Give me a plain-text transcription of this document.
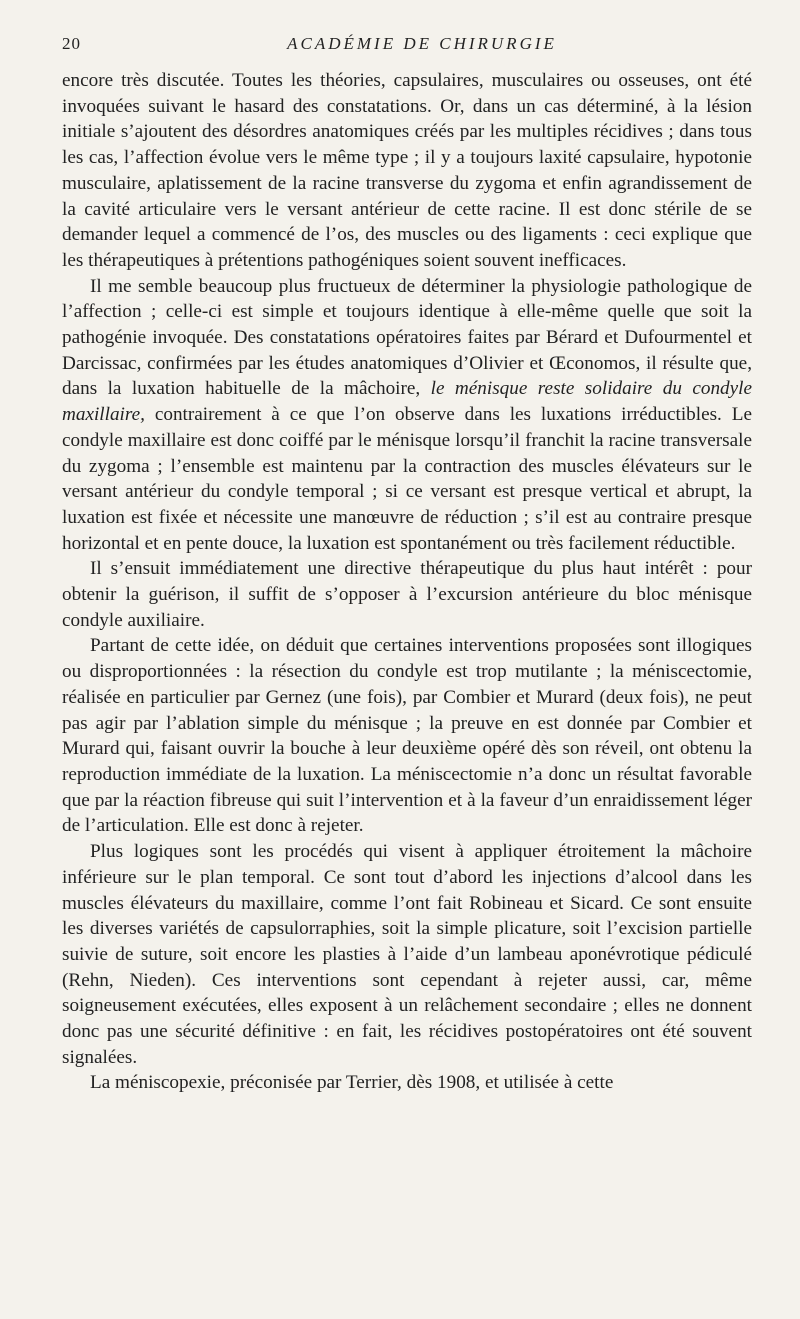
20	ACADÉMIE DE CHIRURGIE

encore très discutée. Toutes les théories, capsulaires, musculaires ou osseuses, ont été invoquées suivant le hasard des constatations. Or, dans un cas déterminé, à la lésion initiale s’ajoutent des désordres anatomiques créés par les multiples récidives ; dans tous les cas, l’affection évolue vers le même type ; il y a toujours laxité capsulaire, hypotonie musculaire, aplatissement de la racine transverse du zygoma et enfin agrandissement de la cavité articulaire vers le versant antérieur de cette racine. Il est donc stérile de se demander lequel a commencé de l’os, des muscles ou des ligaments : ceci explique que les thérapeutiques à prétentions pathogéniques soient souvent inefficaces.

Il me semble beaucoup plus fructueux de déterminer la physiologie pathologique de l’affection ; celle-ci est simple et toujours identique à elle-même quelle que soit la pathogénie invoquée. Des constatations opératoires faites par Bérard et Dufourmentel et Darcissac, confirmées par les études anatomiques d’Olivier et Œconomos, il résulte que, dans la luxation habituelle de la mâchoire, le ménisque reste solidaire du condyle maxillaire, contrairement à ce que l’on observe dans les luxations irréductibles. Le condyle maxillaire est donc coiffé par le ménisque lorsqu’il franchit la racine transversale du zygoma ; l’ensemble est maintenu par la contraction des muscles élévateurs sur le versant antérieur du condyle temporal ; si ce versant est presque vertical et abrupt, la luxation est fixée et nécessite une manœuvre de réduction ; s’il est au contraire presque horizontal et en pente douce, la luxation est spontanément ou très facilement réductible.

Il s’ensuit immédiatement une directive thérapeutique du plus haut intérêt : pour obtenir la guérison, il suffit de s’opposer à l’excursion antérieure du bloc ménisque condyle auxiliaire.

Partant de cette idée, on déduit que certaines interventions proposées sont illogiques ou disproportionnées : la résection du condyle est trop mutilante ; la méniscectomie, réalisée en particulier par Gernez (une fois), par Combier et Murard (deux fois), ne peut pas agir par l’ablation simple du ménisque ; la preuve en est donnée par Combier et Murard qui, faisant ouvrir la bouche à leur deuxième opéré dès son réveil, ont obtenu la reproduction immédiate de la luxation. La méniscectomie n’a donc un résultat favorable que par la réaction fibreuse qui suit l’intervention et à la faveur d’un enraidissement léger de l’articulation. Elle est donc à rejeter.

Plus logiques sont les procédés qui visent à appliquer étroitement la mâchoire inférieure sur le plan temporal. Ce sont tout d’abord les injections d’alcool dans les muscles élévateurs du maxillaire, comme l’ont fait Robineau et Sicard. Ce sont ensuite les diverses variétés de capsulorraphies, soit la simple plicature, soit l’excision partielle suivie de suture, soit encore les plasties à l’aide d’un lambeau aponévrotique pédiculé (Rehn, Nieden). Ces interventions sont cependant à rejeter aussi, car, même soigneusement exécutées, elles exposent à un relâchement secondaire ; elles ne donnent donc pas une sécurité définitive : en fait, les récidives postopératoires ont été souvent signalées.

La méniscopexie, préconisée par Terrier, dès 1908, et utilisée à cette
